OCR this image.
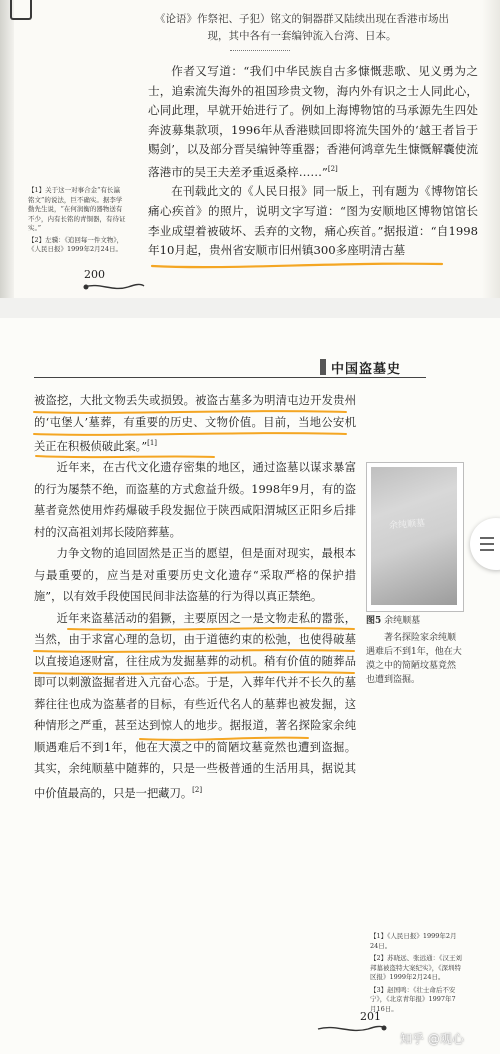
《论语》作祭祀、子犯）铭文的铜器群又陆续出现在香港市场出现，其中各有一套编钟流入台湾、日本。

作者又写道：“我们中华民族自古多慷慨悲歌、见义勇为之士，追索流失海外的祖国珍贵文物，海内外有识之士人同此心，心同此理，早就开始进行了。例如上海博物馆的马承源先生四处奔波募集款项，1996年从香港赎回即将流失国外的‘越王者旨于赐剑’，以及部分晋吴编钟等重器；香港何鸿章先生慷慨解囊使流落港市的吴王夫差矛重返桑梓……”[2]

在刊载此文的《人民日报》同一版上，刊有题为《博物馆长痛心疾首》的照片，说明文字写道：“图为安顺地区博物馆馆长李业成望着被破坏、丢弃的文物，痛心疾首。”据报道：“自1998年10月起，贵州省安顺市旧州镇300多座明清古墓

【1】关于这一对事合金“有长瀛铭文”的说法，巨不确实。据李学勤先生说，“在何润衡的器物送有不少，内有长铭的青铜器，有待证实。”

【2】左骥：《追回每一件文物》，《人民日报》1999年2月24日。

200
中国盗墓史

被盗挖，大批文物丢失或损毁。被盗古墓多为明清屯边开发贵州的‘屯堡人’墓葬，有重要的历史、文物价值。目前，当地公安机关正在积极侦破此案。”[1]

近年来，在古代文化遗存密集的地区，通过盗墓以谋求暴富的行为屡禁不绝，而盗墓的方式愈益升级。1998年9月，有的盗墓者竟然使用炸药爆破手段发掘位于陕西咸阳渭城区正阳乡后排村的汉高祖刘邦长陵陪葬墓。

力争文物的追回固然是正当的愿望，但是面对现实，最根本与最重要的，应当是对重要历史文化遗存“采取严格的保护措施”，以有效手段使国民间非法盗墓的行为得以真正禁绝。

近年来盗墓活动的猖獗，主要原因之一是文物走私的嚣张，当然，由于求富心理的急切，由于道德约束的松弛，也使得破墓以直接追逐财富，往往成为发掘墓葬的动机。稍有价值的随葬品即可以刺激盗掘者进入亢奋心态。于是，入葬年代并不长久的墓葬往往也成为盗墓者的目标，有些近代名人的墓葬也被发掘，这种情形之严重，甚至达到惊人的地步。据报道，著名探险家余纯顺遇难后不到1年，他在大漠之中的简陋坟墓竟然也遭到盗掘。其实，余纯顺墓中随葬的，只是一些极普通的生活用具，据说其中价值最高的，只是一把藏刀。[2]

余纯顺墓
图5 余纯顺墓
著名探险家余纯顺遇难后不到1年，他在大漠之中的简陋坟墓竟然也遭到盗掘。

【1】《人民日报》1999年2月24日。

【2】苏晓远、张远通：《汉王刘邦墓被盗特大案纪实》，《深圳特区报》1999年2月24日。

【3】赵国鸣：《壮士命后不安宁》，《北京青年报》1997年7月16日。

201
知乎 @观心
